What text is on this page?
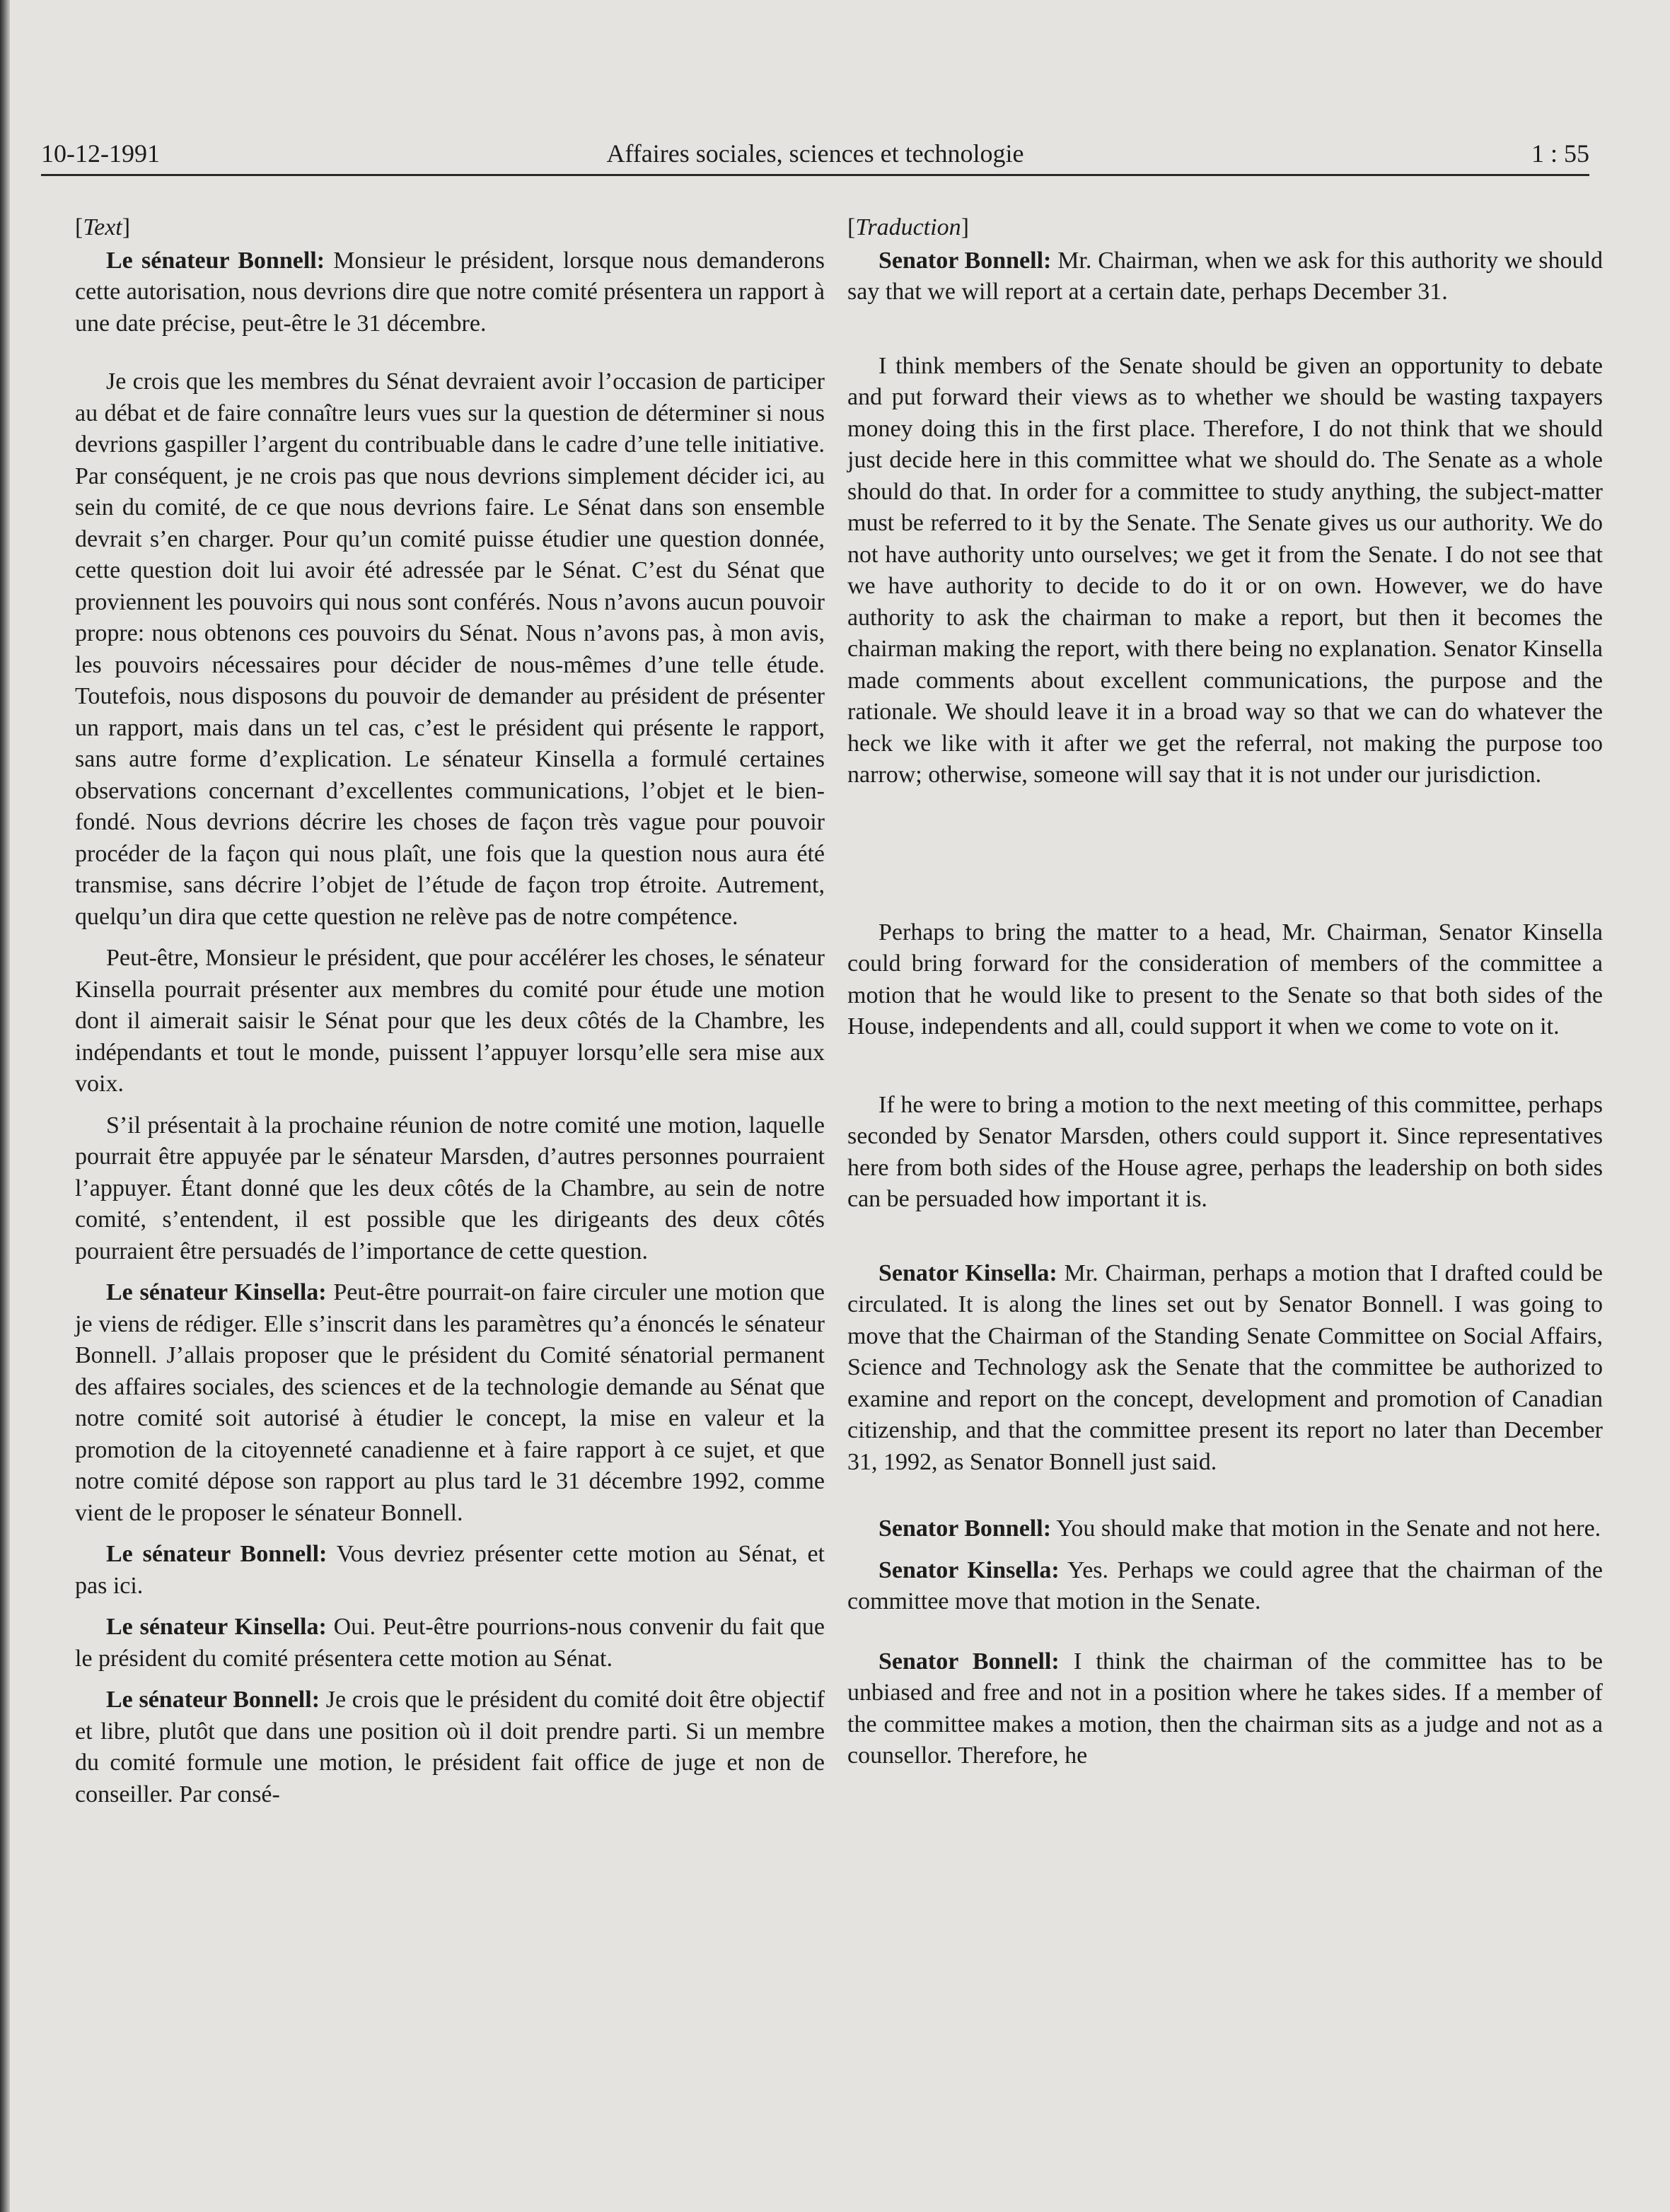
10-12-1991	Affaires sociales, sciences et technologie	1 : 55

[Text]

Le sénateur Bonnell: Monsieur le président, lorsque nous demanderons cette autorisation, nous devrions dire que notre comité présentera un rapport à une date précise, peut-être le 31 décembre.

Je crois que les membres du Sénat devraient avoir l’occasion de participer au débat et de faire connaître leurs vues sur la question de déterminer si nous devrions gaspiller l’argent du contribuable dans le cadre d’une telle initiative. Par conséquent, je ne crois pas que nous devrions simplement décider ici, au sein du comité, de ce que nous devrions faire. Le Sénat dans son ensemble devrait s’en charger. Pour qu’un comité puisse étudier une question donnée, cette question doit lui avoir été adressée par le Sénat. C’est du Sénat que proviennent les pouvoirs qui nous sont conférés. Nous n’avons aucun pouvoir propre: nous obtenons ces pouvoirs du Sénat. Nous n’avons pas, à mon avis, les pouvoirs nécessaires pour décider de nous-mêmes d’une telle étude. Toutefois, nous disposons du pouvoir de demander au président de présenter un rapport, mais dans un tel cas, c’est le président qui présente le rapport, sans autre forme d’explication. Le sénateur Kinsella a formulé certaines observations concernant d’excellentes communications, l’objet et le bien-fondé. Nous devrions décrire les choses de façon très vague pour pouvoir procéder de la façon qui nous plaît, une fois que la question nous aura été transmise, sans décrire l’objet de l’étude de façon trop étroite. Autrement, quelqu’un dira que cette question ne relève pas de notre compétence.

Peut-être, Monsieur le président, que pour accélérer les choses, le sénateur Kinsella pourrait présenter aux membres du comité pour étude une motion dont il aimerait saisir le Sénat pour que les deux côtés de la Chambre, les indépendants et tout le monde, puissent l’appuyer lorsqu’elle sera mise aux voix.

S’il présentait à la prochaine réunion de notre comité une motion, laquelle pourrait être appuyée par le sénateur Marsden, d’autres personnes pourraient l’appuyer. Étant donné que les deux côtés de la Chambre, au sein de notre comité, s’entendent, il est possible que les dirigeants des deux côtés pourraient être persuadés de l’importance de cette question.

Le sénateur Kinsella: Peut-être pourrait-on faire circuler une motion que je viens de rédiger. Elle s’inscrit dans les paramètres qu’a énoncés le sénateur Bonnell. J’allais proposer que le président du Comité sénatorial permanent des affaires sociales, des sciences et de la technologie demande au Sénat que notre comité soit autorisé à étudier le concept, la mise en valeur et la promotion de la citoyenneté canadienne et à faire rapport à ce sujet, et que notre comité dépose son rapport au plus tard le 31 décembre 1992, comme vient de le proposer le sénateur Bonnell.

Le sénateur Bonnell: Vous devriez présenter cette motion au Sénat, et pas ici.

Le sénateur Kinsella: Oui. Peut-être pourrions-nous convenir du fait que le président du comité présentera cette motion au Sénat.

Le sénateur Bonnell: Je crois que le président du comité doit être objectif et libre, plutôt que dans une position où il doit prendre parti. Si un membre du comité formule une motion, le président fait office de juge et non de conseiller. Par consé-

[Traduction]

Senator Bonnell: Mr. Chairman, when we ask for this authority we should say that we will report at a certain date, perhaps December 31.

I think members of the Senate should be given an opportunity to debate and put forward their views as to whether we should be wasting taxpayers money doing this in the first place. Therefore, I do not think that we should just decide here in this committee what we should do. The Senate as a whole should do that. In order for a committee to study anything, the subject-matter must be referred to it by the Senate. The Senate gives us our authority. We do not have authority unto ourselves; we get it from the Senate. I do not see that we have authority to decide to do it or on own. However, we do have authority to ask the chairman to make a report, but then it becomes the chairman making the report, with there being no explanation. Senator Kinsella made comments about excellent communications, the purpose and the rationale. We should leave it in a broad way so that we can do whatever the heck we like with it after we get the referral, not making the purpose too narrow; otherwise, someone will say that it is not under our jurisdiction.

Perhaps to bring the matter to a head, Mr. Chairman, Senator Kinsella could bring forward for the consideration of members of the committee a motion that he would like to present to the Senate so that both sides of the House, independents and all, could support it when we come to vote on it.

If he were to bring a motion to the next meeting of this committee, perhaps seconded by Senator Marsden, others could support it. Since representatives here from both sides of the House agree, perhaps the leadership on both sides can be persuaded how important it is.

Senator Kinsella: Mr. Chairman, perhaps a motion that I drafted could be circulated. It is along the lines set out by Senator Bonnell. I was going to move that the Chairman of the Standing Senate Committee on Social Affairs, Science and Technology ask the Senate that the committee be authorized to examine and report on the concept, development and promotion of Canadian citizenship, and that the committee present its report no later than December 31, 1992, as Senator Bonnell just said.

Senator Bonnell: You should make that motion in the Senate and not here.

Senator Kinsella: Yes. Perhaps we could agree that the chairman of the committee move that motion in the Senate.

Senator Bonnell: I think the chairman of the committee has to be unbiased and free and not in a position where he takes sides. If a member of the committee makes a motion, then the chairman sits as a judge and not as a counsellor. Therefore, he
